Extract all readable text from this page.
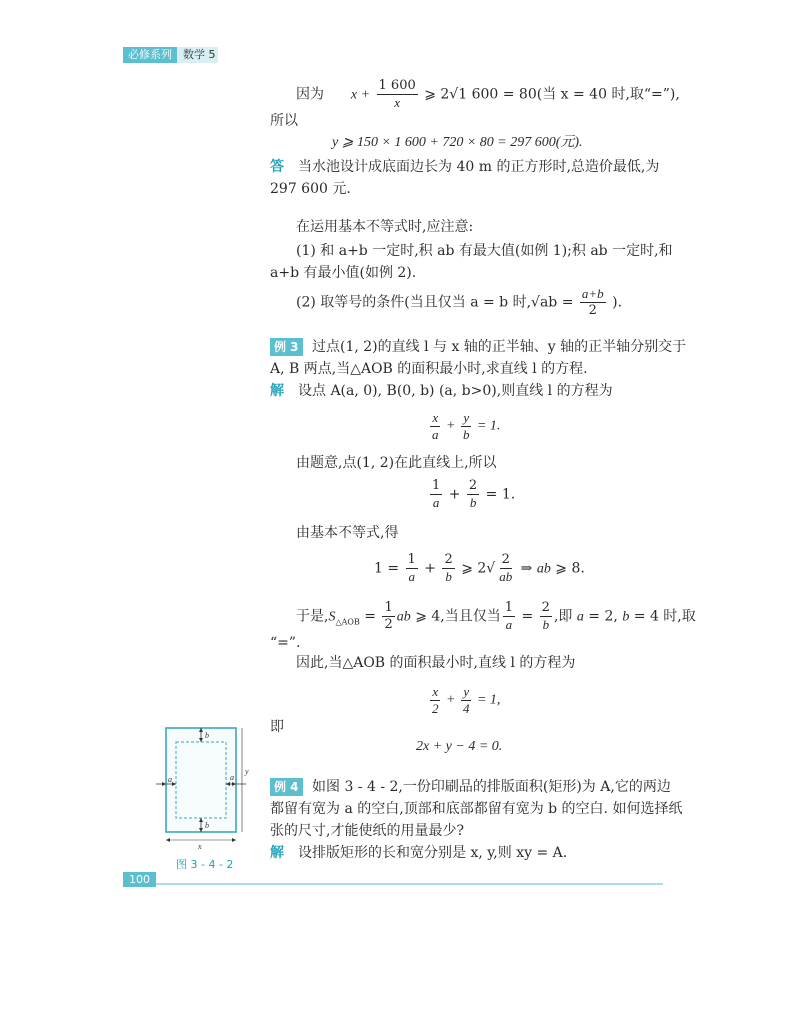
必修系列	数学 5
因为 $x + \frac{1 600}{x}$ ⩾ 2√1 600 = 80(当 x = 40 时,取“=”),
所以
y ⩾ 150 × 1 600 + 720 × 80 = 297 600(元).
答 当水池设计成底面边长为 40 m 的正方形时,总造价最低,为
297 600 元.
在运用基本不等式时,应注意:
(1) 和 a+b 一定时,积 ab 有最大值(如例 1);积 ab 一定时,和
a+b 有最小值(如例 2).
(2) 取等号的条件(当且仅当 a = b 时$,√ab = \frac{a+b}{2}$ ).
例 3 过点(1, 2)的直线 l 与 x 轴的正半轴、y 轴的正半轴分别交于
A, B 两点,当△AOB 的面积最小时,求直线 l 的方程.
解 设点 A(a, 0), B(0, b) (a, b>0),则直线 l 的方程为
$\frac{x}{a} + \frac{y}{b} = 1$.
由题意,点(1, 2)在此直线上,所以
$\frac{1}{a} + \frac{2}{b} = 1$.
由基本不等式,得
$1 = \frac{1}{a} + \frac{2}{b}$ ⩾ $2√ \frac{2}{ab}$ ⇒ ab ⩾ 8.
于是$,S_{\triangle AOB} = \frac{1}{2}$ ab ⩾ 4,当且仅当 $\frac{1}{a} = \frac{2}{b}$ ,即 a = 2, b = 4 时,取
“=”.
因此,当△AOB 的面积最小时,直线 l 的方程为
$\frac{x}{2} + \frac{y}{4} = 1$,
即
2x + y − 4 = 0.
例 4 如图 3 - 4 - 2,一份印刷品的排版面积(矩形)为 A,它的两边
都留有宽为 a 的空白,顶部和底部都留有宽为 b 的空白. 如何选择纸
张的尺寸,才能使纸的用量最少?
解 设排版矩形的长和宽分别是 x, y,则 xy = A.
b
b
a	a
y
x
图 3 - 4 - 2
100
